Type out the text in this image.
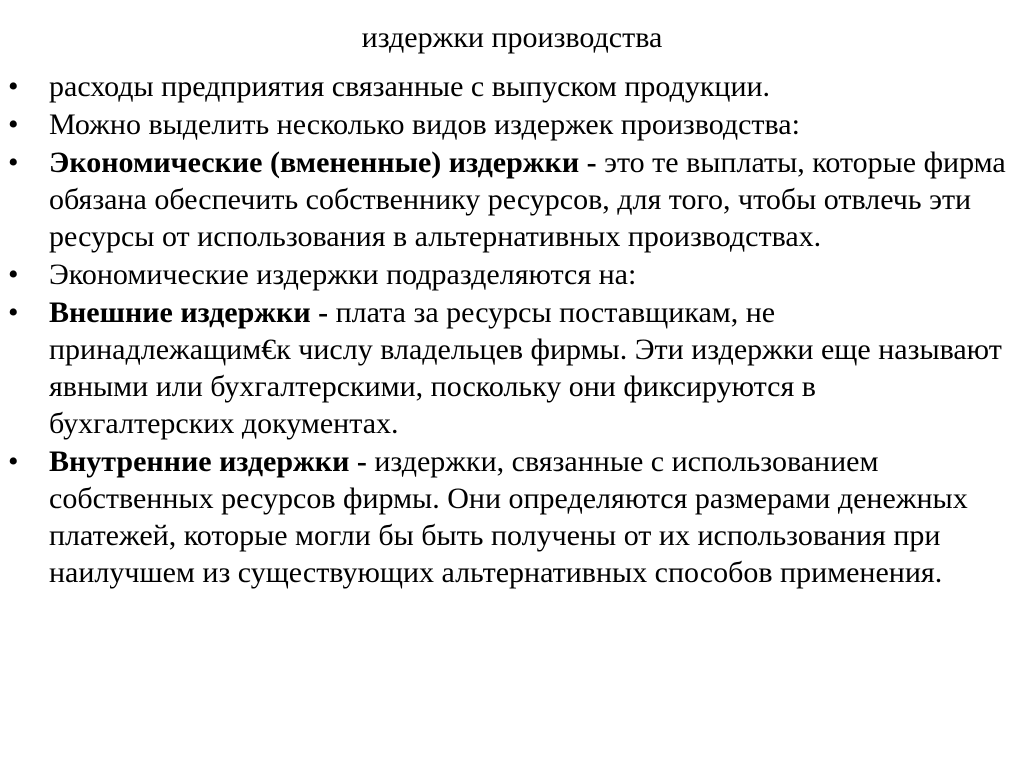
издержки производства
•	расходы предприятия связанные с выпуском продукции.
•	Можно выделить несколько видов издержек производства:
•	Экономические (вмененные) издержки - это те выплаты, которые фирма обязана обеспечить собственнику ресурсов, для того, чтобы отвлечь эти ресурсы от использования в альтернативных производствах.
•	Экономические издержки подразделяются на:
•	Внешние издержки - плата за ресурсы поставщикам, не принадлежащим€к числу владельцев фирмы. Эти издержки еще называют явными или бухгалтерскими, поскольку они фиксируются в бухгалтерских документах.
•	Внутренние издержки - издержки, связанные с использованием собственных ресурсов фирмы. Они определяются размерами денежных платежей, которые могли бы быть получены от их использования при наилучшем из существующих альтернативных способов применения.
